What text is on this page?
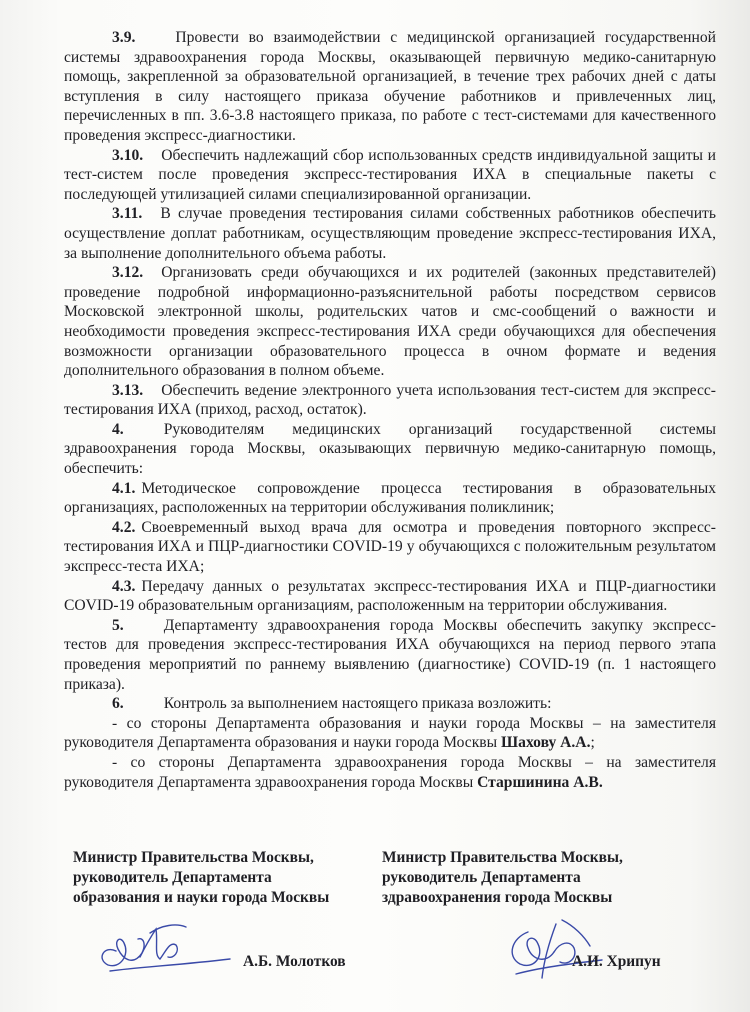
3.9.	Провести во взаимодействии с медицинской организацией государственной системы здравоохранения города Москвы, оказывающей первичную медико-санитарную помощь, закрепленной за образовательной организацией, в течение трех рабочих дней с даты вступления в силу настоящего приказа обучение работников и привлеченных лиц, перечисленных в пп. 3.6-3.8 настоящего приказа, по работе с тест-системами для качественного проведения экспресс-диагностики.

3.10. Обеспечить надлежащий сбор использованных средств индивидуальной защиты и тест-систем после проведения экспресс-тестирования ИХА в специальные пакеты с последующей утилизацией силами специализированной организации.

3.11. В случае проведения тестирования силами собственных работников обеспечить осуществление доплат работникам, осуществляющим проведение экспресс-тестирования ИХА, за выполнение дополнительного объема работы.

3.12. Организовать среди обучающихся и их родителей (законных представителей) проведение подробной информационно-разъяснительной работы посредством сервисов Московской электронной школы, родительских чатов и смс-сообщений о важности и необходимости проведения экспресс-тестирования ИХА среди обучающихся для обеспечения возможности организации образовательного процесса в очном формате и ведения дополнительного образования в полном объеме.

3.13. Обеспечить ведение электронного учета использования тест-систем для экспресс-тестирования ИХА (приход, расход, остаток).

4.	Руководителям медицинских организаций государственной системы здравоохранения города Москвы, оказывающих первичную медико-санитарную помощь, обеспечить:

4.1. Методическое сопровождение процесса тестирования в образовательных организациях, расположенных на территории обслуживания поликлиник;

4.2. Своевременный выход врача для осмотра и проведения повторного экспресс-тестирования ИХА и ПЦР-диагностики COVID-19 у обучающихся с положительным результатом экспресс-теста ИХА;

4.3. Передачу данных о результатах экспресс-тестирования ИХА и ПЦР-диагностики COVID-19 образовательным организациям, расположенным на территории обслуживания.

5.	Департаменту здравоохранения города Москвы обеспечить закупку экспресс-тестов для проведения экспресс-тестирования ИХА обучающихся на период первого этапа проведения мероприятий по раннему выявлению (диагностике) COVID-19 (п. 1 настоящего приказа).

6.	Контроль за выполнением настоящего приказа возложить:

- со стороны Департамента образования и науки города Москвы – на заместителя руководителя Департамента образования и науки города Москвы Шахову А.А.;

- со стороны Департамента здравоохранения города Москвы – на заместителя руководителя Департамента здравоохранения города Москвы Старшинина А.В.

Министр Правительства Москвы,
руководитель Департамента
образования и науки города Москвы
Министр Правительства Москвы,
руководитель Департамента
здравоохранения города Москвы
А.Б. Молотков	А.И. Хрипун
